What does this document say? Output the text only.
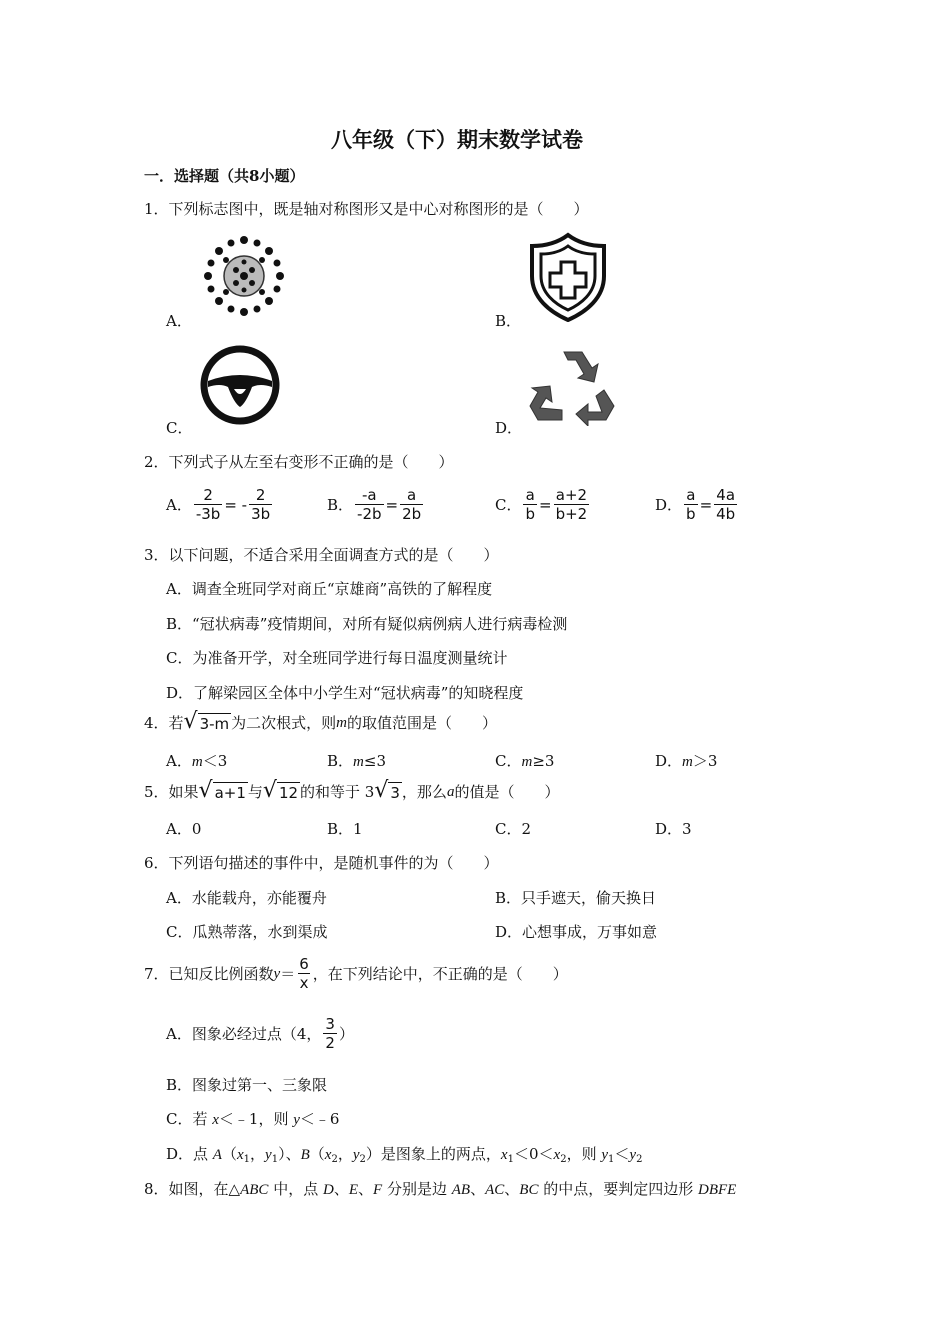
八年级（下）期末数学试卷
一．选择题（共8小题）
1．下列标志图中，既是轴对称图形又是中心对称图形的是（　　）
A．	B．
C．	D．
2．下列式子从左至右变形不正确的是（　　）
A． $\frac{2}{-3b}$ = - $\frac{2}{3b}$	B． $\frac{-a}{-2b} = \frac{a}{2b}$	C． $\frac{a}{b} = \frac{a+2}{b+2}$	D． $\frac{a}{b} = \frac{4a}{4b}$
3．以下问题，不适合采用全面调查方式的是（　　）
A．调查全班同学对商丘“京雄商”高铁的了解程度
B．“冠状病毒”疫情期间，对所有疑似病例病人进行病毒检测
C．为准备开学，对全班同学进行每日温度测量统计
D．了解梁园区全体中小学生对“冠状病毒”的知晓程度
4．若 √ 3-m 为二次根式，则 m 的取值范围是（　　）
A．m＜3	B．m≤3	C．m≥3	D．m＞3
5．如果 √ a+1 与 √ 12 的和等于 3 √ 3 ，那么 a 的值是（　　）
A．0	B．1	C．2	D．3
6．下列语句描述的事件中，是随机事件的为（　　）
A．水能载舟，亦能覆舟	B．只手遮天，偷天换日
C．瓜熟蒂落，水到渠成	D．心想事成，万事如意
7．已知反比例函数 $y = \frac{6}{x}$ ，在下列结论中，不正确的是（　　）
A．图象必经过点（4， $\frac{3}{2}$ ）
B．图象过第一、三象限
C．若 x＜﹣1，则 y＜﹣6
D．点 $A(x_1$，$y_1$）、$B(x_2$，$y_2$）是图象上的两点，$x_1<0<x_2$，则 $y_1<y_2$
8．如图，在△ABC 中，点 D、E、F 分别是边 AB、AC、BC 的中点，要判定四边形 DBFE
